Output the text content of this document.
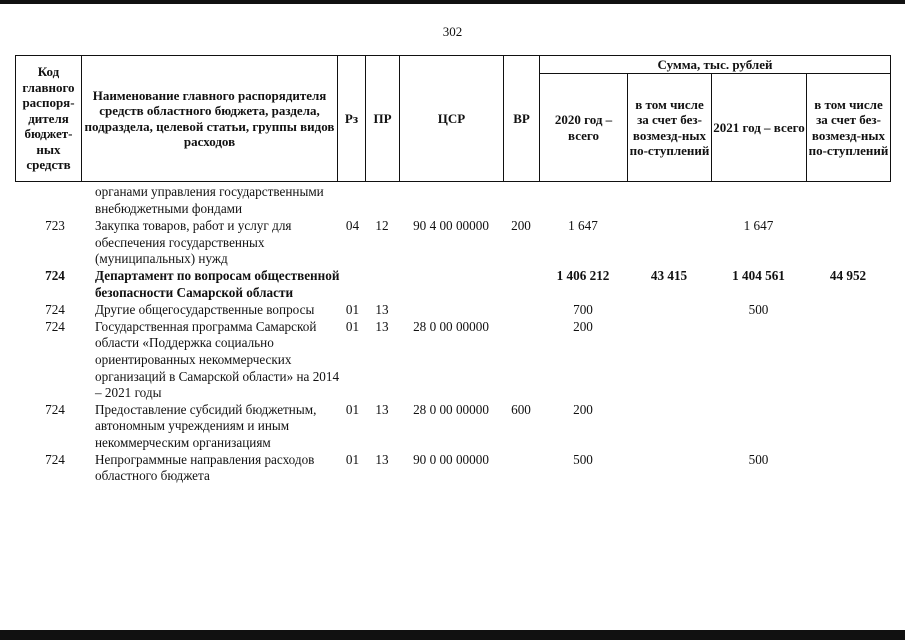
302
Код главного распоря-дителя бюджет-ных средств	Наименование главного распорядителя средств областного бюджета, раздела, подраздела, целевой статьи, группы видов расходов	Рз	ПР	ЦСР	ВР	Сумма, тыс. рублей			
						2020 год – всего	в том числе за счет без-возмезд-ных по-ступлений	2021 год – всего	в том числе за счет без-возмезд-ных по-ступлений
	органами управления государственными внебюджетными фондами								
723	Закупка товаров, работ и услуг для обеспечения государственных (муниципальных) нужд	04	12	90 4 00 00000	200	1 647		1 647	
724	Департамент по вопросам общественной безопасности Самарской области					1 406 212	43 415	1 404 561	44 952
724	Другие общегосударственные вопросы	01	13			700		500	
724	Государственная программа Самарской области «Поддержка социально ориентированных некоммерческих организаций в Самарской области» на 2014 – 2021 годы	01	13	28 0 00 00000		200			
724	Предоставление субсидий бюджетным, автономным учреждениям и иным некоммерческим организациям	01	13	28 0 00 00000	600	200			
724	Непрограммные направления расходов областного бюджета	01	13	90 0 00 00000		500		500	
